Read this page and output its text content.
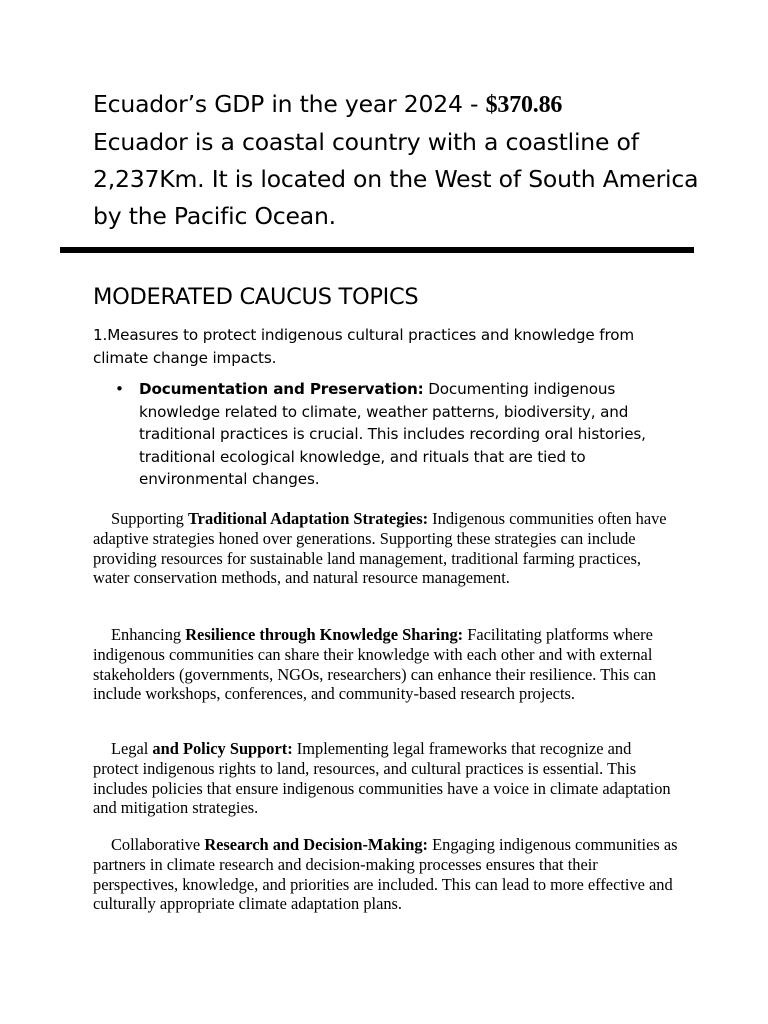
Ecuador’s GDP in the year 2024 - $370.86
Ecuador is a coastal country with a coastline of 2,237Km. It is located on the West of South America by the Pacific Ocean.
MODERATED CAUCUS TOPICS

1.Measures to protect indigenous cultural practices and knowledge from climate change impacts.

• Documentation and Preservation: Documenting indigenous knowledge related to climate, weather patterns, biodiversity, and traditional practices is crucial. This includes recording oral histories, traditional ecological knowledge, and rituals that are tied to environmental changes.

Supporting Traditional Adaptation Strategies: Indigenous communities often have adaptive strategies honed over generations. Supporting these strategies can include providing resources for sustainable land management, traditional farming practices, water conservation methods, and natural resource management.

Enhancing Resilience through Knowledge Sharing: Facilitating platforms where indigenous communities can share their knowledge with each other and with external stakeholders (governments, NGOs, researchers) can enhance their resilience. This can include workshops, conferences, and community-based research projects.

Legal and Policy Support: Implementing legal frameworks that recognize and protect indigenous rights to land, resources, and cultural practices is essential. This includes policies that ensure indigenous communities have a voice in climate adaptation and mitigation strategies.

Collaborative Research and Decision-Making: Engaging indigenous communities as partners in climate research and decision-making processes ensures that their perspectives, knowledge, and priorities are included. This can lead to more effective and culturally appropriate climate adaptation plans.
